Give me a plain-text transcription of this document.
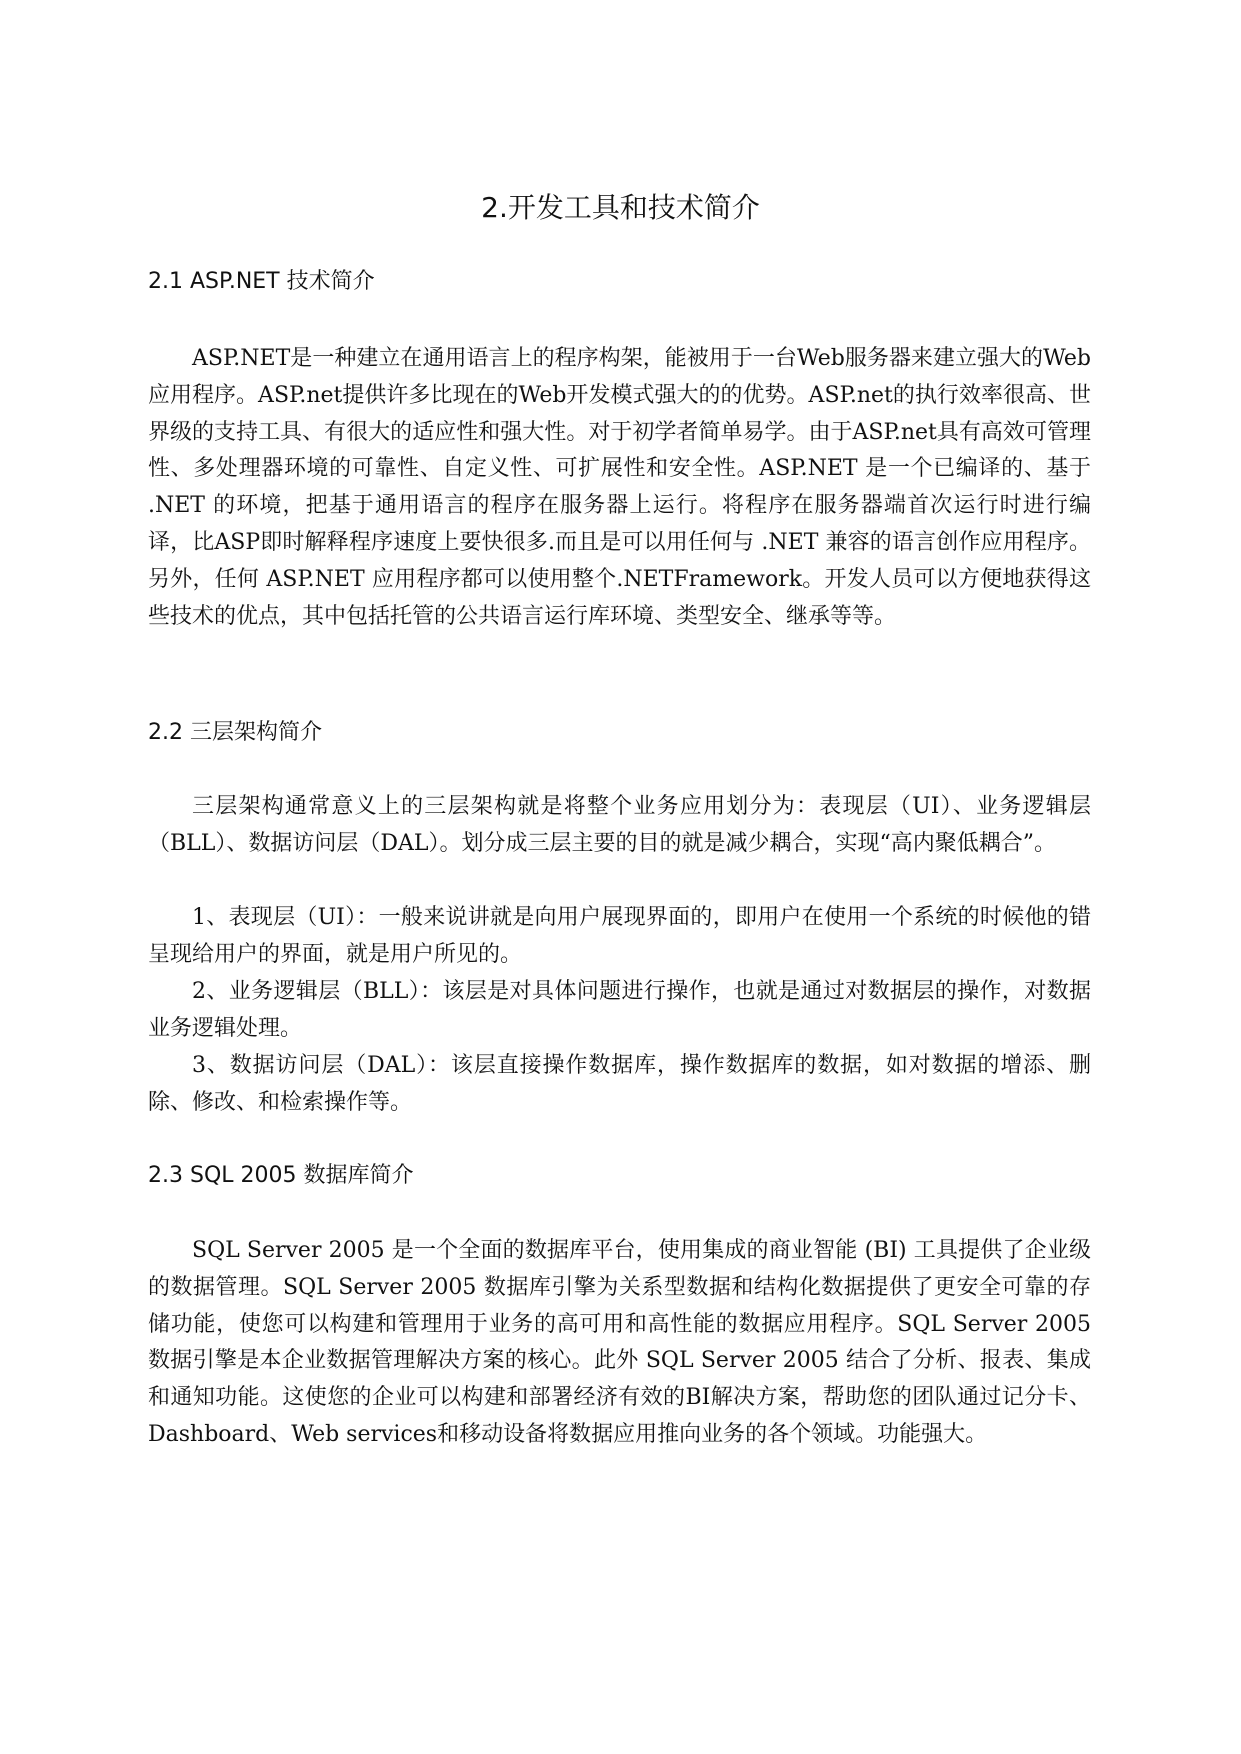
2.开发工具和技术简介
2.1 ASP.NET 技术简介

ASP.NET是一种建立在通用语言上的程序构架，能被用于一台Web服务器来建立强大的Web应用程序。ASP.net提供许多比现在的Web开发模式强大的的优势。ASP.net的执行效率很高、世界级的支持工具、有很大的适应性和强大性。对于初学者简单易学。由于ASP.net具有高效可管理性、多处理器环境的可靠性、自定义性、可扩展性和安全性。ASP.NET 是一个已编译的、基于 .NET 的环境，把基于通用语言的程序在服务器上运行。将程序在服务器端首次运行时进行编译，比ASP即时解释程序速度上要快很多.而且是可以用任何与 .NET 兼容的语言创作应用程序。另外，任何 ASP.NET 应用程序都可以使用整个.NETFramework。开发人员可以方便地获得这些技术的优点，其中包括托管的公共语言运行库环境、类型安全、继承等等。

2.2 三层架构简介

三层架构通常意义上的三层架构就是将整个业务应用划分为：表现层（UI）、业务逻辑层（BLL）、数据访问层（DAL）。划分成三层主要的目的就是减少耦合，实现“高内聚低耦合”。

1、表现层（UI）：一般来说讲就是向用户展现界面的，即用户在使用一个系统的时候他的错呈现给用户的界面，就是用户所见的。

2、业务逻辑层（BLL）：该层是对具体问题进行操作，也就是通过对数据层的操作，对数据业务逻辑处理。

3、数据访问层（DAL）：该层直接操作数据库，操作数据库的数据，如对数据的增添、删除、修改、和检索操作等。

2.3 SQL 2005 数据库简介

SQL Server 2005 是一个全面的数据库平台，使用集成的商业智能 (BI) 工具提供了企业级的数据管理。SQL Server 2005 数据库引擎为关系型数据和结构化数据提供了更安全可靠的存储功能，使您可以构建和管理用于业务的高可用和高性能的数据应用程序。SQL Server 2005 数据引擎是本企业数据管理解决方案的核心。此外 SQL Server 2005 结合了分析、报表、集成和通知功能。这使您的企业可以构建和部署经济有效的BI解决方案，帮助您的团队通过记分卡、Dashboard、Web services和移动设备将数据应用推向业务的各个领域。功能强大。
